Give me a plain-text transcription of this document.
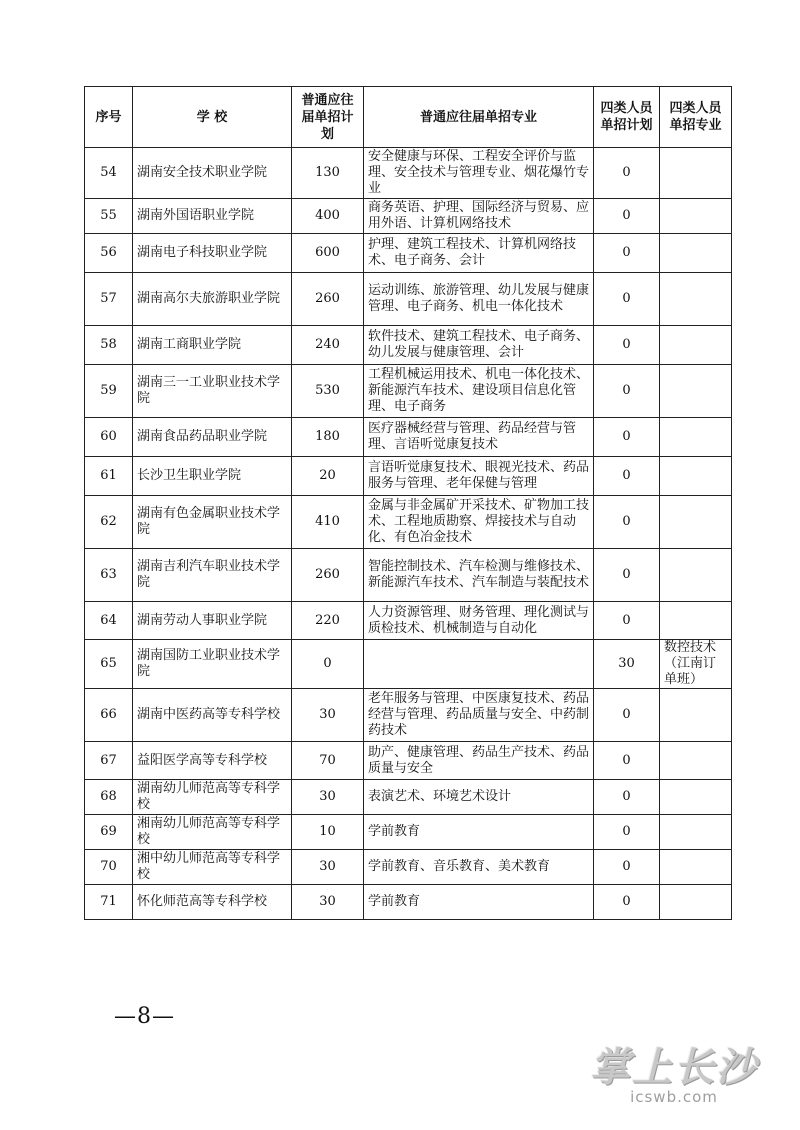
序号	学 校	普通应往届单招计划	普通应往届单招专业	四类人员单招计划	四类人员单招专业
54	湖南安全技术职业学院	130	安全健康与环保、工程安全评价与监理、安全技术与管理专业、烟花爆竹专业	0	
55	湖南外国语职业学院	400	商务英语、护理、国际经济与贸易、应用外语、计算机网络技术	0	
56	湖南电子科技职业学院	600	护理、建筑工程技术、计算机网络技术、电子商务、会计	0	
57	湖南高尔夫旅游职业学院	260	运动训练、旅游管理、幼儿发展与健康管理、电子商务、机电一体化技术	0	
58	湖南工商职业学院	240	软件技术、建筑工程技术、电子商务、幼儿发展与健康管理、会计	0	
59	湖南三一工业职业技术学院	530	工程机械运用技术、机电一体化技术、新能源汽车技术、建设项目信息化管理、电子商务	0	
60	湖南食品药品职业学院	180	医疗器械经营与管理、药品经营与管理、言语听觉康复技术	0	
61	长沙卫生职业学院	20	言语听觉康复技术、眼视光技术、药品服务与管理、老年保健与管理	0	
62	湖南有色金属职业技术学院	410	金属与非金属矿开采技术、矿物加工技术、工程地质勘察、焊接技术与自动化、有色冶金技术	0	
63	湖南吉利汽车职业技术学院	260	智能控制技术、汽车检测与维修技术、新能源汽车技术、汽车制造与装配技术	0	
64	湖南劳动人事职业学院	220	人力资源管理、财务管理、理化测试与质检技术、机械制造与自动化	0	
65	湖南国防工业职业技术学院	0		30	数控技术（江南订单班）
66	湖南中医药高等专科学校	30	老年服务与管理、中医康复技术、药品经营与管理、药品质量与安全、中药制药技术	0	
67	益阳医学高等专科学校	70	助产、健康管理、药品生产技术、药品质量与安全	0	
68	湖南幼儿师范高等专科学校	30	表演艺术、环境艺术设计	0	
69	湘南幼儿师范高等专科学校	10	学前教育	0	
70	湘中幼儿师范高等专科学校	30	学前教育、音乐教育、美术教育	0	
71	怀化师范高等专科学校	30	学前教育	0	
—8—
掌上长沙
icswb.com
